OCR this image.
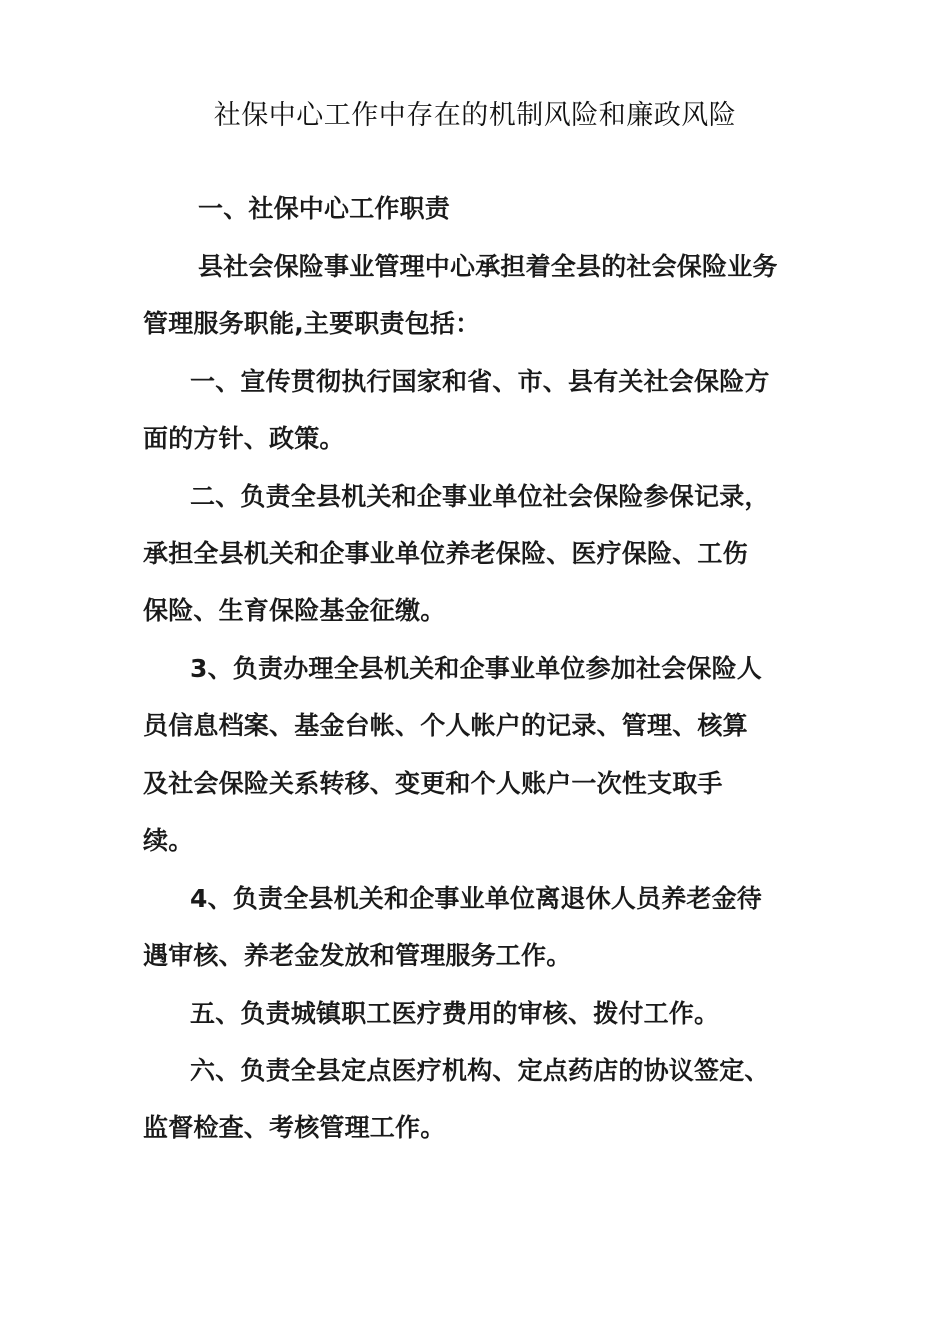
社保中心工作中存在的机制风险和廉政风险
一、社保中心工作职责
县社会保险事业管理中心承担着全县的社会保险业务
管理服务职能,主要职责包括：
一、宣传贯彻执行国家和省、市、县有关社会保险方
面的方针、政策。
二、负责全县机关和企事业单位社会保险参保记录，
承担全县机关和企事业单位养老保险、医疗保险、工伤
保险、生育保险基金征缴。
3、负责办理全县机关和企事业单位参加社会保险人
员信息档案、基金台帐、个人帐户的记录、管理、核算
及社会保险关系转移、变更和个人账户一次性支取手
续。
4、负责全县机关和企事业单位离退休人员养老金待
遇审核、养老金发放和管理服务工作。
五、负责城镇职工医疗费用的审核、拨付工作。
六、负责全县定点医疗机构、定点药店的协议签定、
监督检查、考核管理工作。
